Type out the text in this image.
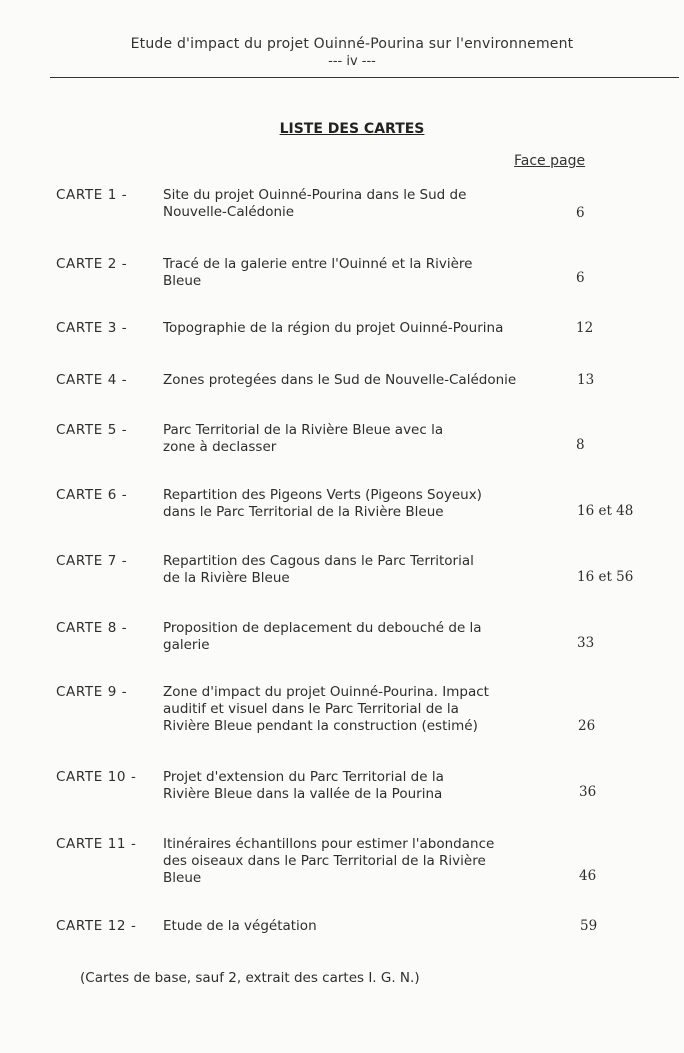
Etude d'impact du projet Ouinné-Pourina sur l'environnement
--- iv ---
LISTE DES CARTES
Face page
CARTE 1 -	Site du projet Ouinné-Pourina dans le Sud de
Nouvelle-Calédonie	6
CARTE 2 -	Tracé de la galerie entre l'Ouinné et la Rivière
Bleue	6
CARTE 3 -	Topographie de la région du projet Ouinné-Pourina	12
CARTE 4 -	Zones protegées dans le Sud de Nouvelle-Calédonie	13
CARTE 5 -	Parc Territorial de la Rivière Bleue avec la
zone à declasser	8
CARTE 6 -	Repartition des Pigeons Verts (Pigeons Soyeux)
dans le Parc Territorial de la Rivière Bleue	16 et 48
CARTE 7 -	Repartition des Cagous dans le Parc Territorial
de la Rivière Bleue	16 et 56
CARTE 8 -	Proposition de deplacement du debouché de la
galerie	33
CARTE 9 -	Zone d'impact du projet Ouinné-Pourina. Impact
auditif et visuel dans le Parc Territorial de la
Rivière Bleue pendant la construction (estimé)	26
CARTE 10 - Projet d'extension du Parc Territorial de la
Rivière Bleue dans la vallée de la Pourina	36
CARTE 11 - Itinéraires échantillons pour estimer l'abondance
des oiseaux dans le Parc Territorial de la Rivière
Bleue	46
CARTE 12 - Etude de la végétation	59
(Cartes de base, sauf 2, extrait des cartes I. G. N.)
